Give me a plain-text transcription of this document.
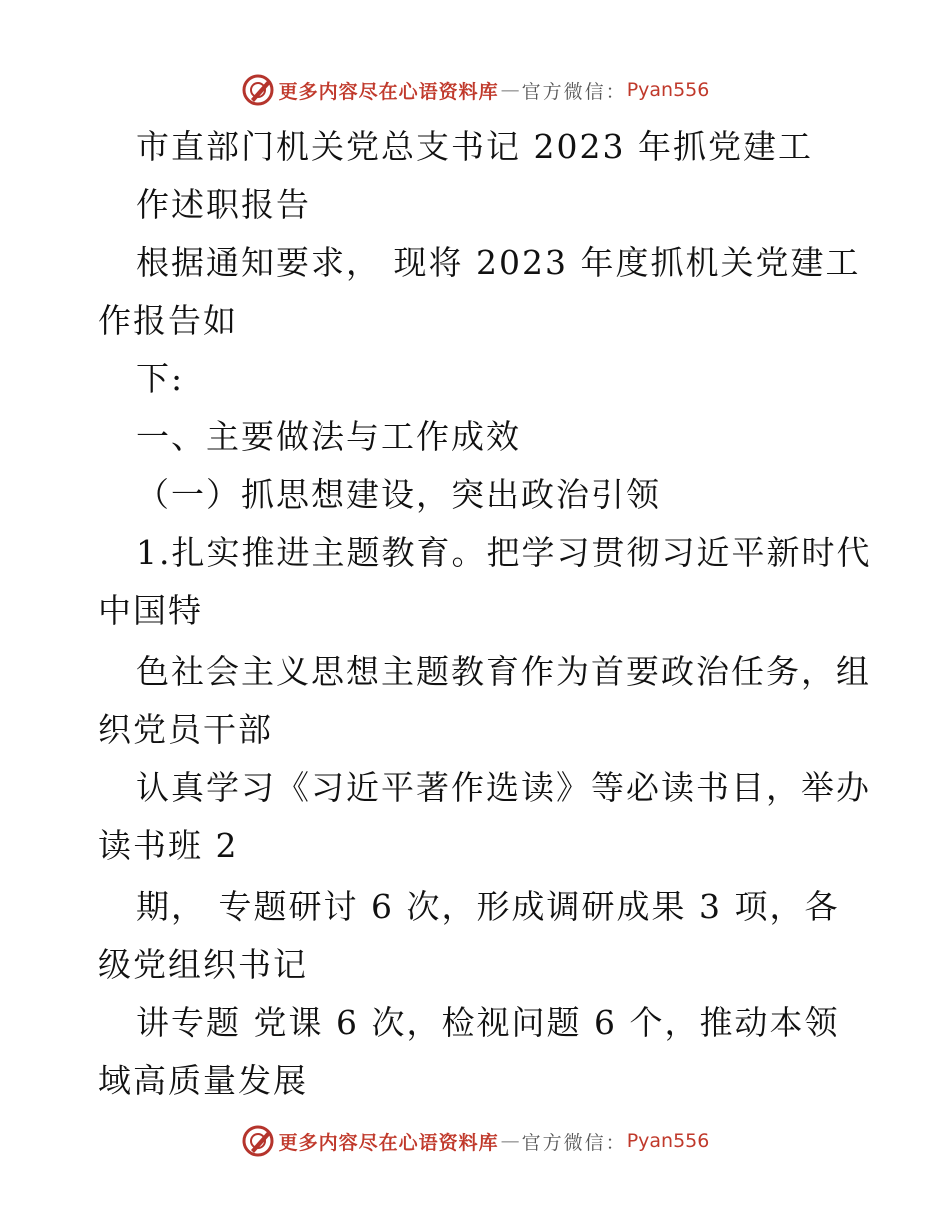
更多内容尽在心语资料库 — 官方微信： Pyan556
市直部门机关党总支书记 2023 年抓党建工
作述职报告
根据通知要求， 现将 2023 年度抓机关党建工
作报告如
下:
一、主要做法与工作成效
（一）抓思想建设，突出政治引领
1.扎实推进主题教育。把学习贯彻习近平新时代
中国特
色社会主义思想主题教育作为首要政治任务，组
织党员干部
认真学习《习近平著作选读》等必读书目，举办
读书班 2
期， 专题研讨 6 次，形成调研成果 3 项，各
级党组织书记
讲专题 党课 6 次，检视问题 6 个，推动本领
域高质量发展
更多内容尽在心语资料库 — 官方微信： Pyan556
